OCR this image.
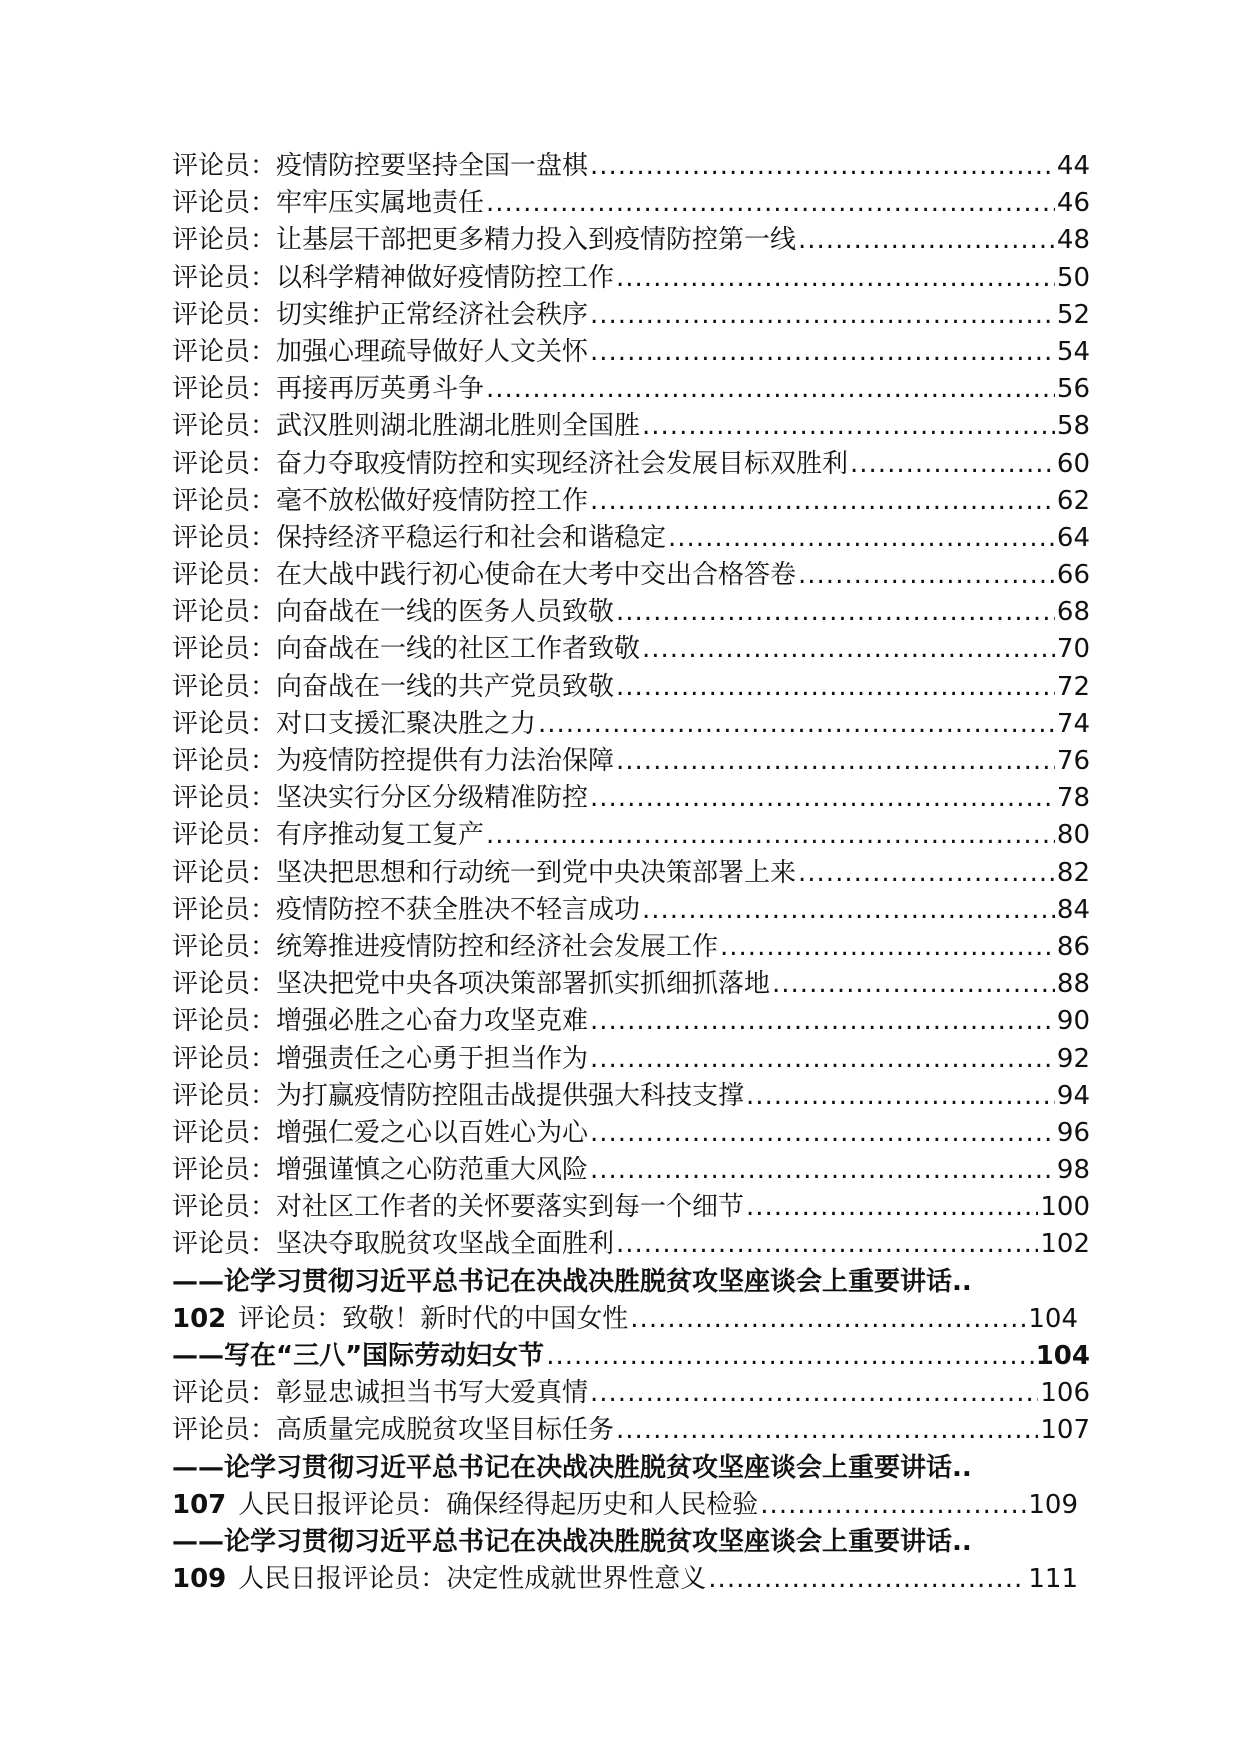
评论员：疫情防控要坚持全国一盘棋 .....	44
评论员：牢牢压实属地责任 .....	46
评论员：让基层干部把更多精力投入到疫情防控第一线 .....	48
评论员：以科学精神做好疫情防控工作 .....	50
评论员：切实维护正常经济社会秩序 .....	52
评论员：加强心理疏导做好人文关怀 .....	54
评论员：再接再厉英勇斗争 .....	56
评论员：武汉胜则湖北胜湖北胜则全国胜 .....	58
评论员：奋力夺取疫情防控和实现经济社会发展目标双胜利 .....	60
评论员：毫不放松做好疫情防控工作 .....	62
评论员：保持经济平稳运行和社会和谐稳定 .....	64
评论员：在大战中践行初心使命在大考中交出合格答卷 .....	66
评论员：向奋战在一线的医务人员致敬 .....	68
评论员：向奋战在一线的社区工作者致敬 .....	70
评论员：向奋战在一线的共产党员致敬 .....	72
评论员：对口支援汇聚决胜之力 .....	74
评论员：为疫情防控提供有力法治保障 .....	76
评论员：坚决实行分区分级精准防控 .....	78
评论员：有序推动复工复产 .....	80
评论员：坚决把思想和行动统一到党中央决策部署上来 .....	82
评论员：疫情防控不获全胜决不轻言成功 .....	84
评论员：统筹推进疫情防控和经济社会发展工作 .....	86
评论员：坚决把党中央各项决策部署抓实抓细抓落地 .....	88
评论员：增强必胜之心奋力攻坚克难 .....	90
评论员：增强责任之心勇于担当作为 .....	92
评论员：为打赢疫情防控阻击战提供强大科技支撑 .....	94
评论员：增强仁爱之心以百姓心为心 .....	96
评论员：增强谨慎之心防范重大风险 .....	98
评论员：对社区工作者的关怀要落实到每一个细节 .....	100
评论员：坚决夺取脱贫攻坚战全面胜利 .....	102
——论学习贯彻习近平总书记在决战决胜脱贫攻坚座谈会上重要讲话 ..
102 评论员：致敬！新时代的中国女性 .....	104
——写在“三八”国际劳动妇女节 .....	104
评论员：彰显忠诚担当书写大爱真情 .....	106
评论员：高质量完成脱贫攻坚目标任务 .....	107
——论学习贯彻习近平总书记在决战决胜脱贫攻坚座谈会上重要讲话 ..
107 人民日报评论员：确保经得起历史和人民检验 .....	109
——论学习贯彻习近平总书记在决战决胜脱贫攻坚座谈会上重要讲话 ..
109 人民日报评论员：决定性成就世界性意义 .....	111
